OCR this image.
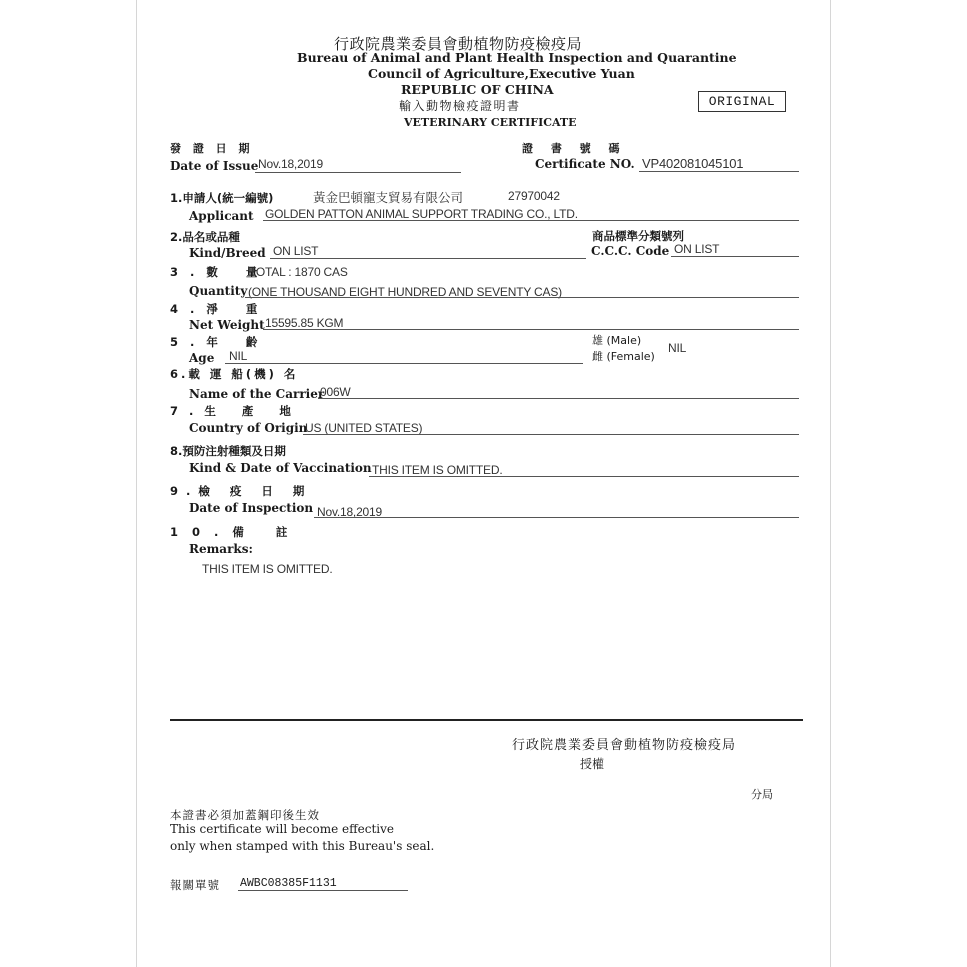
行政院農業委員會動植物防疫檢疫局
Bureau of Animal and Plant Health Inspection and Quarantine
Council of Agriculture,Executive Yuan
REPUBLIC OF CHINA
輸入動物檢疫證明書
VETERINARY CERTIFICATE
ORIGINAL
發 證 日 期
Date of Issue Nov.18,2019
證 書 號 碼
Certificate NO. VP402081045101
1.申請人(統一編號)	黃金巴頓寵支貿易有限公司	27970042
Applicant GOLDEN PATTON ANIMAL SUPPORT TRADING CO., LTD.
2.品名或品種
Kind/Breed ON LIST
商品標準分類號列
C.C.C. Code ON LIST
3.數 量
TOTAL : 1870 CAS
Quantity (ONE THOUSAND EIGHT HUNDRED AND SEVENTY CAS)
4.淨 重
Net Weight 15595.85 KGM
5.年 齡
Age NIL
雄 (Male)
雌 (Female)
NIL
6.載 運 船(機) 名
Name of the Carrier
006W
7.生 產 地
Country of Origin
US (UNITED STATES)
8.預防注射種類及日期
Kind & Date of Vaccination THIS ITEM IS OMITTED.
9.檢 疫 日 期
Date of Inspection Nov.18,2019
10.備 註
Remarks:
THIS ITEM IS OMITTED.
行政院農業委員會動植物防疫檢疫局
授權
分局
本證書必須加蓋鋼印後生效
This certificate will become effective
only when stamped with this Bureau's seal.
報關單號 AWBC08385F1131
